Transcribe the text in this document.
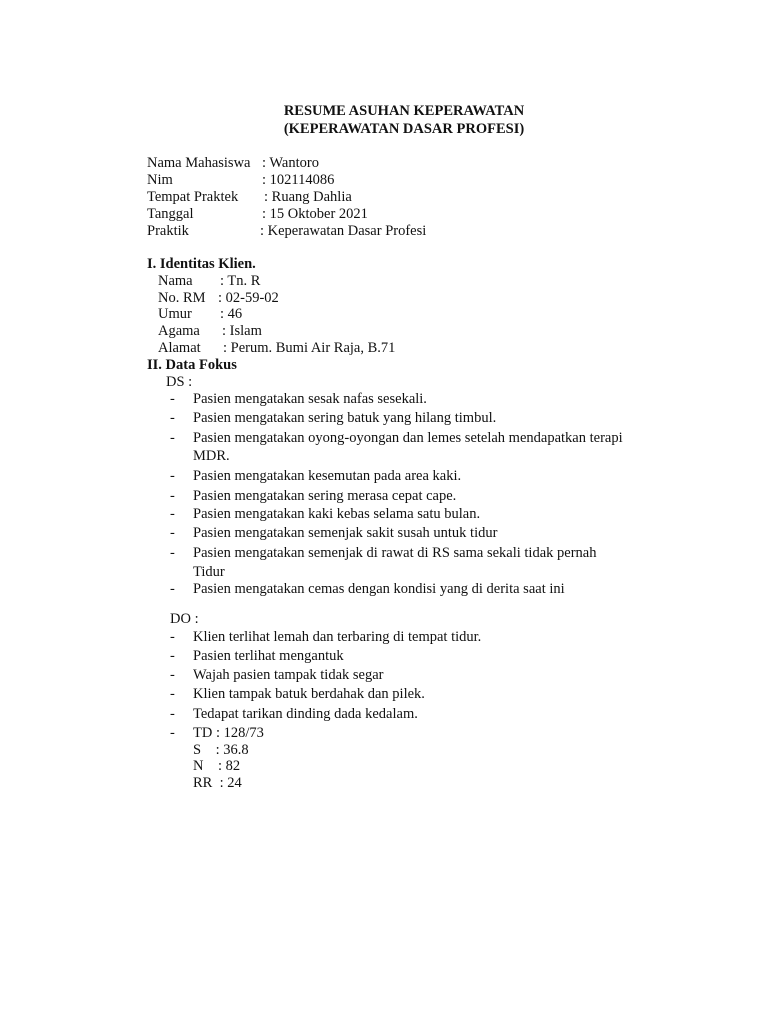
RESUME ASUHAN KEPERAWATAN
(KEPERAWATAN DASAR PROFESI)
Nama Mahasiswa : Wantoro
Nim	: 102114086
Tempat Praktek : Ruang Dahlia
Tanggal	: 15 Oktober 2021
Praktik	: Keperawatan Dasar Profesi
I. Identitas Klien.
Nama : Tn. R
No. RM : 02-59-02
Umur : 46
Agama : Islam
Alamat : Perum. Bumi Air Raja, B.71
II. Data Fokus
DS :
- Pasien mengatakan sesak nafas sesekali.
- Pasien mengatakan sering batuk yang hilang timbul.
- Pasien mengatakan oyong-oyongan dan lemes setelah mendapatkan terapi
MDR.
- Pasien mengatakan kesemutan pada area kaki.
- Pasien mengatakan sering merasa cepat cape.
- Pasien mengatakan kaki kebas selama satu bulan.
- Pasien mengatakan semenjak sakit susah untuk tidur
- Pasien mengatakan semenjak di rawat di RS sama sekali tidak pernah
Tidur
- Pasien mengatakan cemas dengan kondisi yang di derita saat ini
DO :
- Klien terlihat lemah dan terbaring di tempat tidur.
- Pasien terlihat mengantuk
- Wajah pasien tampak tidak segar
- Klien tampak batuk berdahak dan pilek.
- Tedapat tarikan dinding dada kedalam.
- TD : 128/73
S    : 36.8
N    : 82
RR  : 24
